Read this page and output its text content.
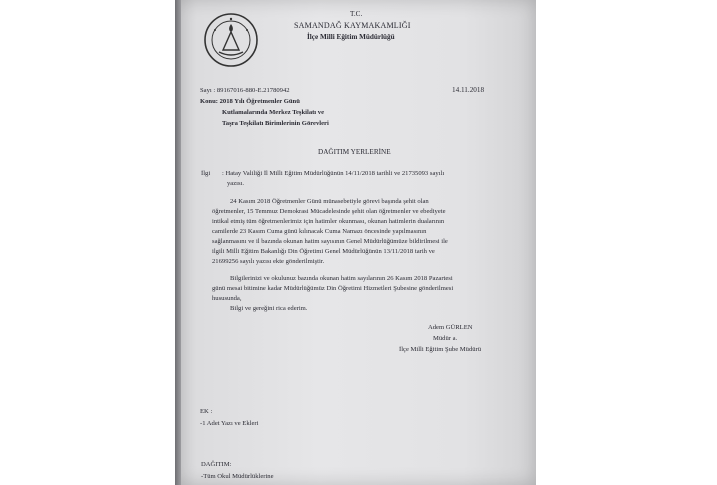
T.C.
SAMANDAĞ KAYMAKAMLIĞI
İlçe Milli Eğitim Müdürlüğü
Sayı : 89167016-880-E.21780942	14.11.2018
Konu: 2018 Yılı Öğretmenler Günü
Kutlamalarında Merkez Teşkilatı ve
Taşra Teşkilatı Birimlerinin Görevleri
DAĞITIM YERLERİNE
İlgi : Hatay Valiliği İl Milli Eğitim Müdürlüğünün 14/11/2018 tarihli ve 21735093 sayılı
yazısı.
24 Kasım 2018 Öğretmenler Günü münasebetiyle görevi başında şehit olan
öğretmenler, 15 Temmuz Demokrasi Mücadelesinde şehit olan öğretmenler ve ebediyete
intikal etmiş tüm öğretmenlerimiz için hatimler okunması, okunan hatimlerin dualarının
camilerde 23 Kasım Cuma günü kılınacak Cuma Namazı öncesinde yapılmasının
sağlanmasını ve il bazında okunan hatim sayısının Genel Müdürlüğümüze bildirilmesi ile
ilgili Milli Eğitim Bakanlığı Din Öğretimi Genel Müdürlüğünün 13/11/2018 tarih ve
21699256 sayılı yazısı ekte gönderilmiştir.
Bilgilerinizi ve okulunuz bazında okunan hatim sayılarının 26 Kasım 2018 Pazartesi
günü mesai bitimine kadar Müdürlüğümüz Din Öğretimi Hizmetleri Şubesine gönderilmesi
hususunda,
Bilgi ve gereğini rica ederim.
Adem GÜRLEN
Müdür a.
İlçe Milli Eğitim Şube Müdürü
EK :
-1 Adet Yazı ve Ekleri
DAĞITIM:
-Tüm Okul Müdürlüklerine
